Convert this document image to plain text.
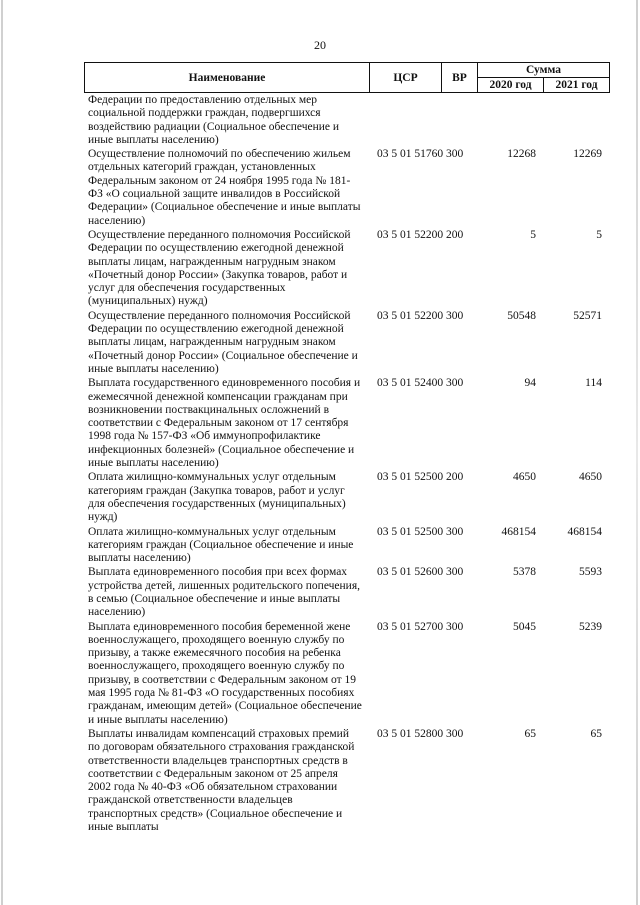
20
Наименование	ЦСР	ВР	Сумма	
			2020 год	2021 год
Федерации по предоставлению отдельных мер социальной поддержки граждан, подвергшихся воздействию радиации (Социальное обеспечение и иные выплаты населению)				
Осуществление полномочий по обеспечению жильем отдельных категорий граждан, установленных Федеральным законом от 24 ноября 1995 года № 181-ФЗ «О социальной защите инвалидов в Российской Федерации» (Социальное обеспечение и иные выплаты населению)	03 5 01 51760	300	12268	12269
Осуществление переданного полномочия Российской Федерации по осуществлению ежегодной денежной выплаты лицам, награжденным нагрудным знаком «Почетный донор России» (Закупка товаров, работ и услуг для обеспечения государственных (муниципальных) нужд)	03 5 01 52200	200	5	5
Осуществление переданного полномочия Российской Федерации по осуществлению ежегодной денежной выплаты лицам, награжденным нагрудным знаком «Почетный донор России» (Социальное обеспечение и иные выплаты населению)	03 5 01 52200	300	50548	52571
Выплата государственного единовременного пособия и ежемесячной денежной компенсации гражданам при возникновении поствакцинальных осложнений в соответствии с Федеральным законом от 17 сентября 1998 года № 157-ФЗ «Об иммунопрофилактике инфекционных болезней» (Социальное обеспечение и иные выплаты населению)	03 5 01 52400	300	94	114
Оплата жилищно-коммунальных услуг отдельным категориям граждан (Закупка товаров, работ и услуг для обеспечения государственных (муниципальных) нужд)	03 5 01 52500	200	4650	4650
Оплата жилищно-коммунальных услуг отдельным категориям граждан (Социальное обеспечение и иные выплаты населению)	03 5 01 52500	300	468154	468154
Выплата единовременного пособия при всех формах устройства детей, лишенных родительского попечения, в семью (Социальное обеспечение и иные выплаты населению)	03 5 01 52600	300	5378	5593
Выплата единовременного пособия беременной жене военнослужащего, проходящего военную службу по призыву, а также ежемесячного пособия на ребенка военнослужащего, проходящего военную службу по призыву, в соответствии с Федеральным законом от 19 мая 1995 года № 81-ФЗ «О государственных пособиях гражданам, имеющим детей» (Социальное обеспечение и иные выплаты населению)	03 5 01 52700	300	5045	5239
Выплаты инвалидам компенсаций страховых премий по договорам обязательного страхования гражданской ответственности владельцев транспортных средств в соответствии с Федеральным законом от 25 апреля 2002 года № 40-ФЗ «Об обязательном страховании гражданской ответственности владельцев транспортных средств» (Социальное обеспечение и иные выплаты	03 5 01 52800	300	65	65
